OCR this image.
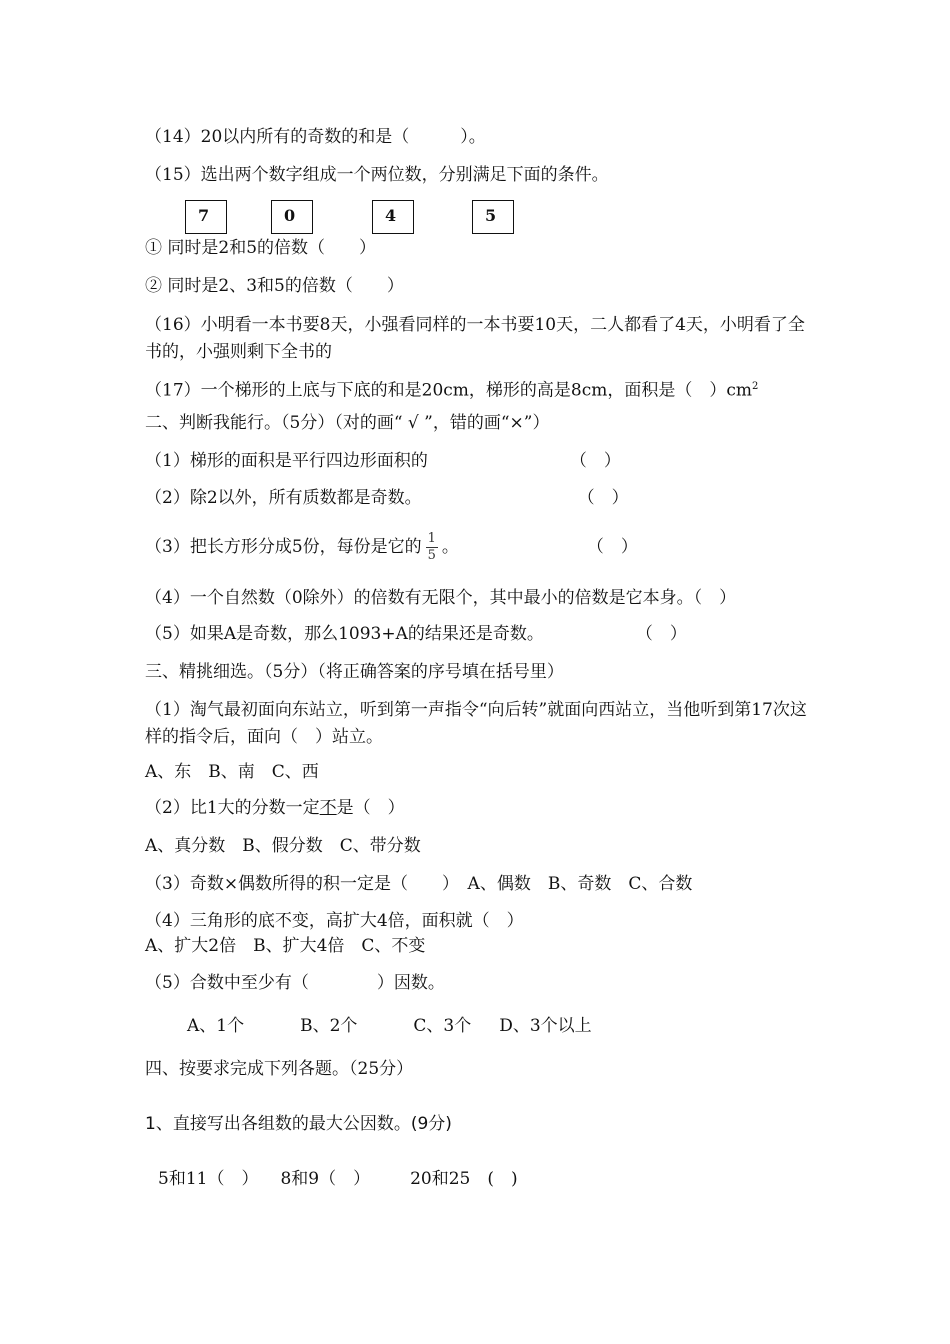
（14）20以内所有的奇数的和是（　　　）。
（15）选出两个数字组成一个两位数，分别满足下面的条件。
7	0	4	5
① 同时是2和5的倍数（　　）
② 同时是2、3和5的倍数（　　）
（16）小明看一本书要8天，小强看同样的一本书要10天，二人都看了4天，小明看了全书的，小强则剩下全书的
（17）一个梯形的上底与下底的和是20cm，梯形的高是8cm，面积是（　）$cm^2$
二、判断我能行。（5分）（对的画“ √ ”，错的画“×”）
（1）梯形的面积是平行四边形面积的	（　）
（2）除2以外，所有质数都是奇数。	（　）
（3）把长方形分成5份，每份是它的 $\frac{1}{5}$ 。	（　）
（4）一个自然数（0除外）的倍数有无限个，其中最小的倍数是它本身。（　）
（5）如果A是奇数，那么1093+A的结果还是奇数。	（　）
三、精挑细选。（5分）（将正确答案的序号填在括号里）
（1）淘气最初面向东站立，听到第一声指令“向后转”就面向西站立，当他听到第17次这样的指令后，面向（　）站立。
A、东　B、南　C、西
（2）比1大的分数一定不是（　）
A、真分数　B、假分数　C、带分数
（3）奇数×偶数所得的积一定是（　　）　A、偶数　B、奇数　C、合数
（4）三角形的底不变，高扩大4倍，面积就（　）
A、扩大2倍　B、扩大4倍　C、不变
（5）合数中至少有（　　　　）因数。
A、1个	B、2个	C、3个 D、3个以上
四、按要求完成下列各题。（25分）
1、直接写出各组数的最大公因数。(9分)
5和11（　） 8和9（　） 20和25　(　)
